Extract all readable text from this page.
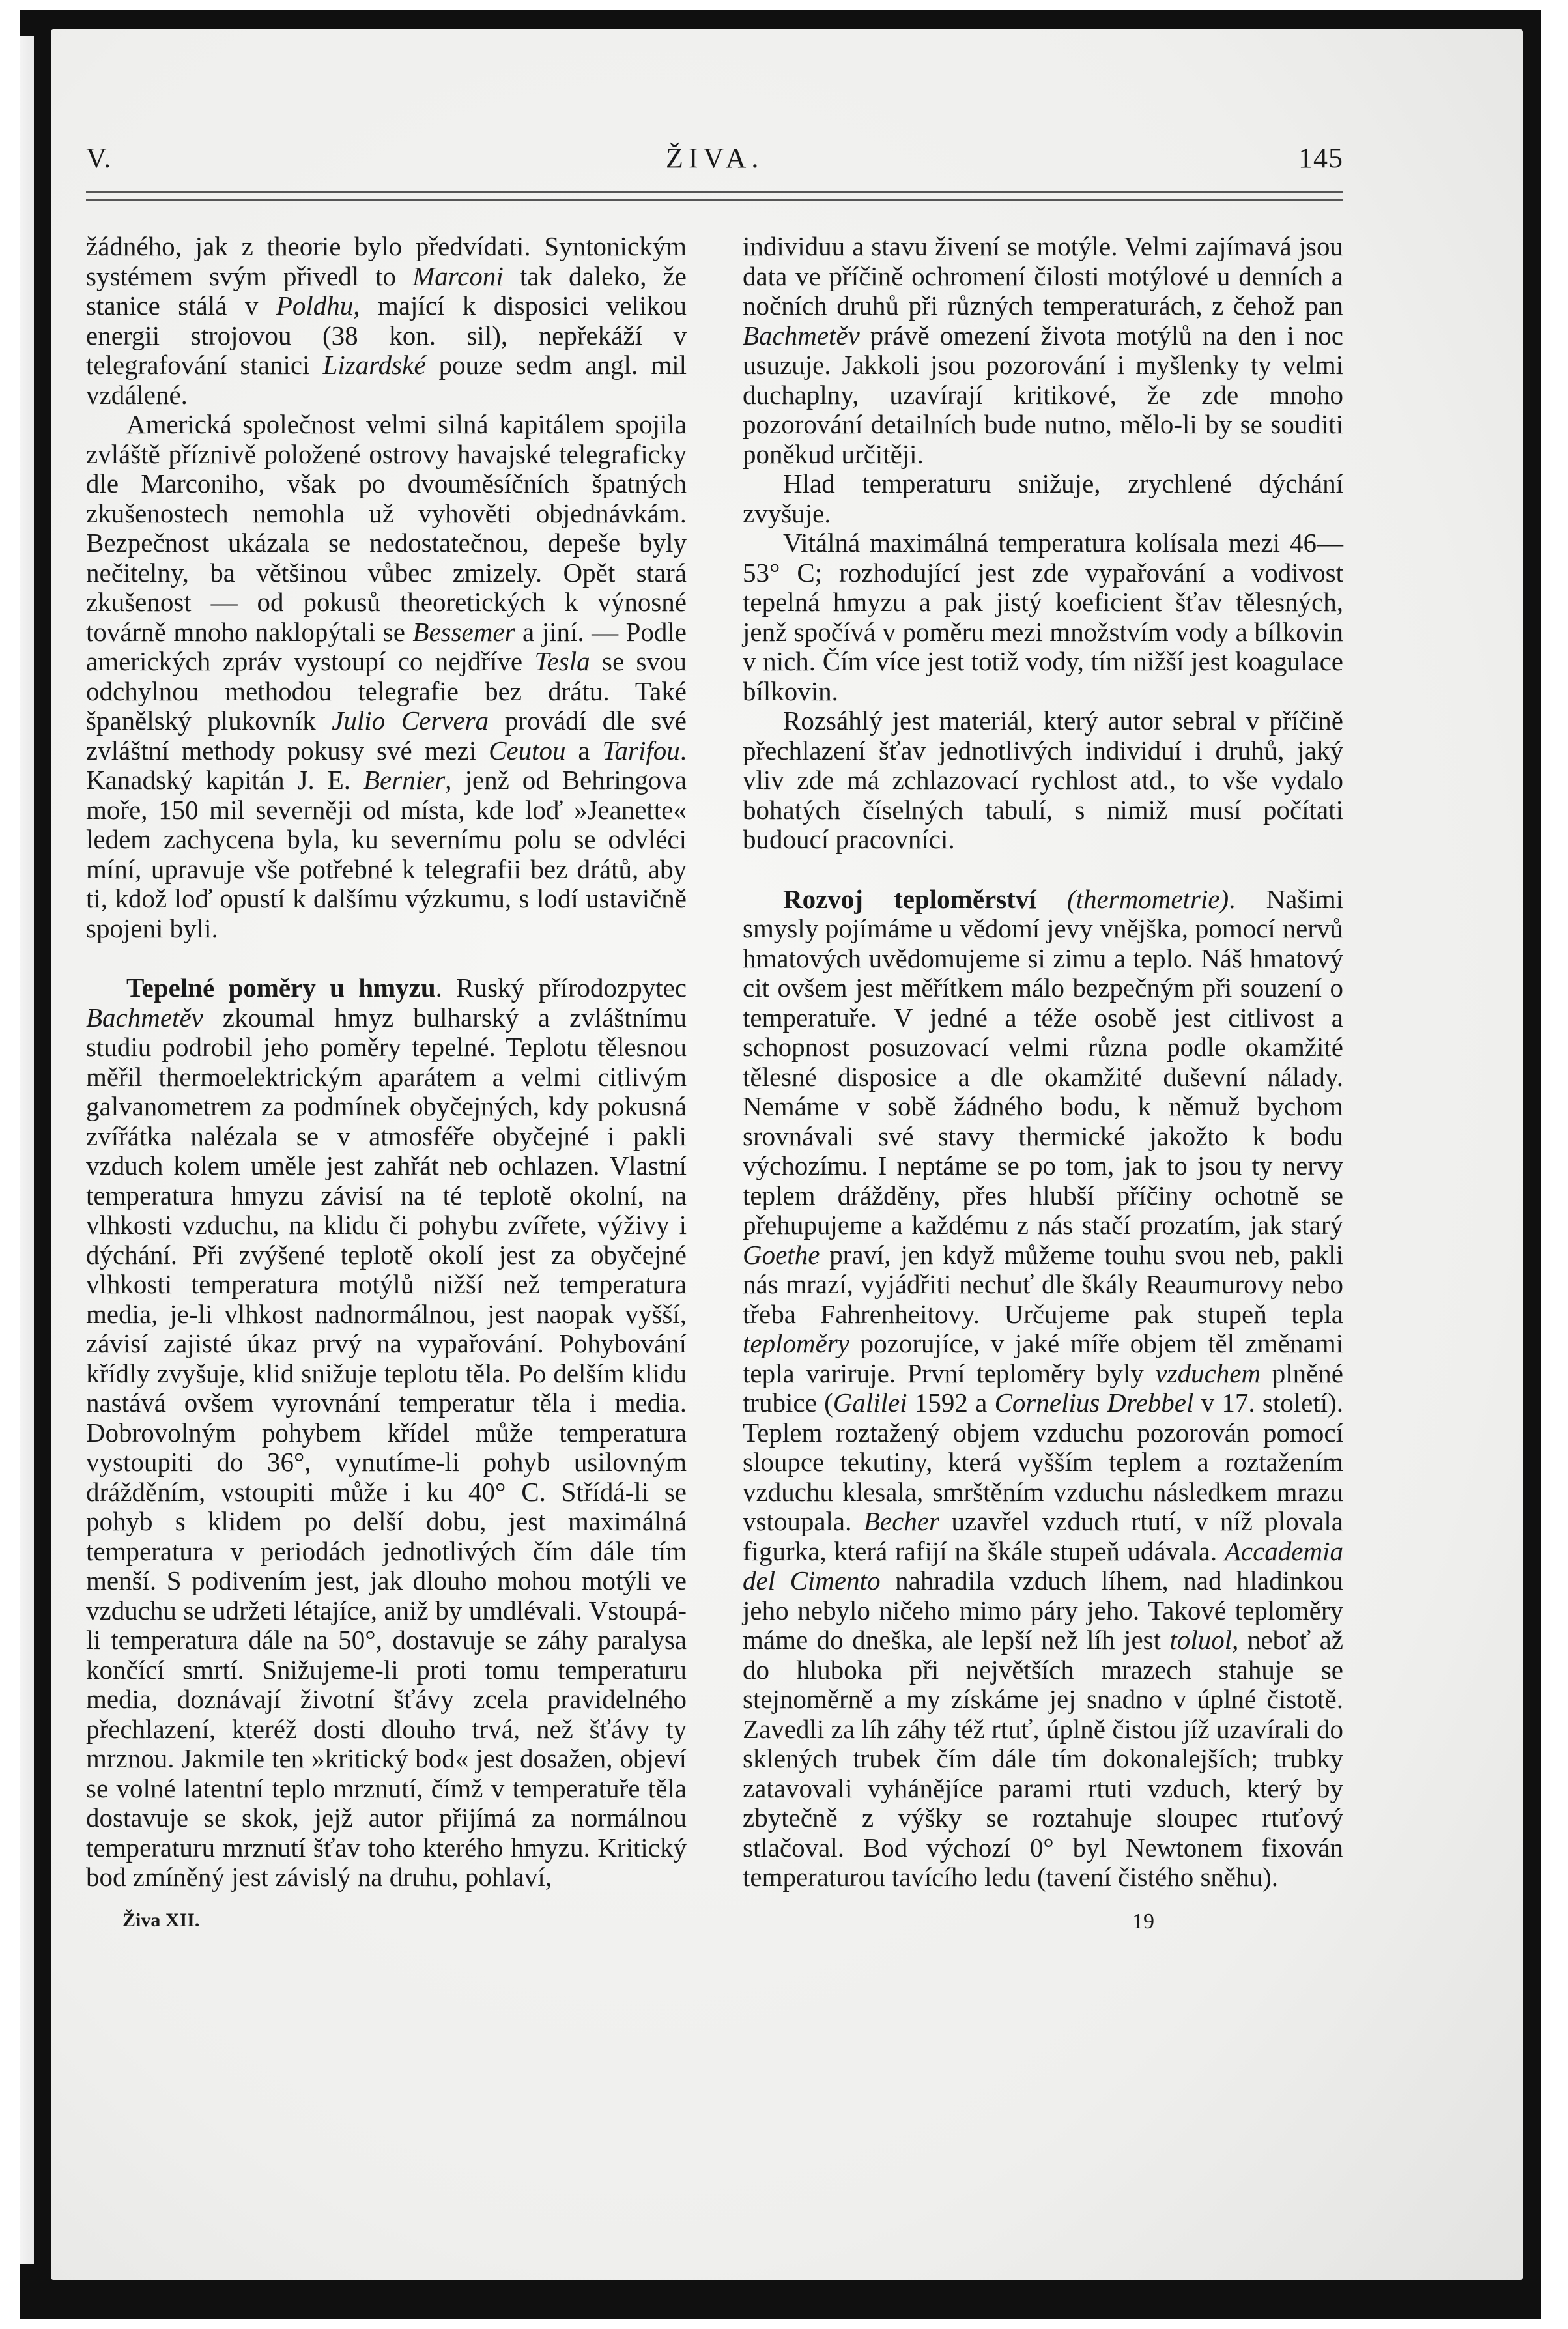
V.	ŽIVA.	145

žádného, jak z theorie bylo předvídati. Syntonickým systémem svým přivedl to Marconi tak daleko, že stanice stálá v Poldhu, mající k disposici velikou energii strojovou (38 kon. sil), nepřekáží v telegrafování stanici Lizardské pouze sedm angl. mil vzdálené.

Americká společnost velmi silná kapitálem spojila zvláště příznivě položené ostrovy havajské telegraficky dle Marconiho, však po dvouměsíčních špatných zkušenostech nemohla už vyhověti objednávkám. Bezpečnost ukázala se nedostatečnou, depeše byly nečitelny, ba většinou vůbec zmizely. Opět stará zkušenost — od pokusů theoretických k výnosné továrně mnoho naklopýtali se Bessemer a jiní. — Podle amerických zpráv vystoupí co nejdříve Tesla se svou odchylnou methodou telegrafie bez drátu. Také španělský plukovník Julio Cervera provádí dle své zvláštní methody pokusy své mezi Ceutou a Tarifou. Kanadský kapitán J. E. Bernier, jenž od Behringova moře, 150 mil severněji od místa, kde loď »Jeanette« ledem zachycena byla, ku severnímu polu se odvléci míní, upravuje vše potřebné k telegrafii bez drátů, aby ti, kdož loď opustí k dalšímu výzkumu, s lodí ustavičně spojeni byli.

Tepelné poměry u hmyzu. Ruský přírodozpytec Bachmetěv zkoumal hmyz bulharský a zvláštnímu studiu podrobil jeho poměry tepelné. Teplotu tělesnou měřil thermoelektrickým aparátem a velmi citlivým galvanometrem za podmínek obyčejných, kdy pokusná zvířátka nalézala se v atmosféře obyčejné i pakli vzduch kolem uměle jest zahřát neb ochlazen. Vlastní temperatura hmyzu závisí na té teplotě okolní, na vlhkosti vzduchu, na klidu či pohybu zvířete, výživy i dýchání. Při zvýšené teplotě okolí jest za obyčejné vlhkosti temperatura motýlů nižší než temperatura media, je-li vlhkost nadnormálnou, jest naopak vyšší, závisí zajisté úkaz prvý na vypařování. Pohybování křídly zvyšuje, klid snižuje teplotu těla. Po delším klidu nastává ovšem vyrovnání temperatur těla i media. Dobrovolným pohybem křídel může temperatura vystoupiti do 36°, vynutíme-li pohyb usilovným drážděním, vstoupiti může i ku 40° C. Střídá-li se pohyb s klidem po delší dobu, jest maximálná temperatura v periodách jednotlivých čím dále tím menší. S podivením jest, jak dlouho mohou motýli ve vzduchu se udržeti létajíce, aniž by umdlévali. Vstoupá-li temperatura dále na 50°, dostavuje se záhy paralysa končící smrtí. Snižujeme-li proti tomu temperaturu media, doznávají životní šťávy zcela pravidelného přechlazení, kteréž dosti dlouho trvá, než šťávy ty mrznou. Jakmile ten »kritický bod« jest dosažen, objeví se volné latentní teplo mrznutí, čímž v temperatuře těla dostavuje se skok, jejž autor přijímá za normálnou temperaturu mrznutí šťav toho kterého hmyzu. Kritický bod zmíněný jest závislý na druhu, pohlaví,

individuu a stavu živení se motýle. Velmi zajímavá jsou data ve příčině ochromení čilosti motýlové u denních a nočních druhů při různých temperaturách, z čehož pan Bachmetěv právě omezení života motýlů na den i noc usuzuje. Jakkoli jsou pozorování i myšlenky ty velmi duchaplny, uzavírají kritikové, že zde mnoho pozorování detailních bude nutno, mělo-li by se souditi poněkud určitěji.

Hlad temperaturu snižuje, zrychlené dýchání zvyšuje.

Vitálná maximálná temperatura kolísala mezi 46—53° C; rozhodující jest zde vypařování a vodivost tepelná hmyzu a pak jistý koeficient šťav tělesných, jenž spočívá v poměru mezi množstvím vody a bílkovin v nich. Čím více jest totiž vody, tím nižší jest koagulace bílkovin.

Rozsáhlý jest materiál, který autor sebral v příčině přechlazení šťav jednotlivých individuí i druhů, jaký vliv zde má zchlazovací rychlost atd., to vše vydalo bohatých číselných tabulí, s nimiž musí počítati budoucí pracovníci.

Rozvoj teploměrství (thermometrie). Našimi smysly pojímáme u vědomí jevy vnějška, pomocí nervů hmatových uvědomujeme si zimu a teplo. Náš hmatový cit ovšem jest měřítkem málo bezpečným při souzení o temperatuře. V jedné a téže osobě jest citlivost a schopnost posuzovací velmi různa podle okamžité tělesné disposice a dle okamžité duševní nálady. Nemáme v sobě žádného bodu, k němuž bychom srovnávali své stavy thermické jakožto k bodu výchozímu. I neptáme se po tom, jak to jsou ty nervy teplem drážděny, přes hlubší příčiny ochotně se přehupujeme a každému z nás stačí prozatím, jak starý Goethe praví, jen když můžeme touhu svou neb, pakli nás mrazí, vyjádřiti nechuť dle škály Reaumurovy nebo třeba Fahrenheitovy. Určujeme pak stupeň tepla teploměry pozorujíce, v jaké míře objem těl změnami tepla variruje. První teploměry byly vzduchem plněné trubice (Galilei 1592 a Cornelius Drebbel v 17. století). Teplem roztažený objem vzduchu pozorován pomocí sloupce tekutiny, která vyšším teplem a roztažením vzduchu klesala, smrštěním vzduchu následkem mrazu vstoupala. Becher uzavřel vzduch rtutí, v níž plovala figurka, která rafijí na škále stupeň udávala. Accademia del Cimento nahradila vzduch líhem, nad hladinkou jeho nebylo ničeho mimo páry jeho. Takové teploměry máme do dneška, ale lepší než líh jest toluol, neboť až do hluboka při největších mrazech stahuje se stejnoměrně a my získáme jej snadno v úplné čistotě. Zavedli za líh záhy též rtuť, úplně čistou jíž uzavírali do sklených trubek čím dále tím dokonalejších; trubky zatavovali vyhánějíce parami rtuti vzduch, který by zbytečně z výšky se roztahuje sloupec rtuťový stlačoval. Bod výchozí 0° byl Newtonem fixován temperaturou tavícího ledu (tavení čistého sněhu).

Živa XII.	19
